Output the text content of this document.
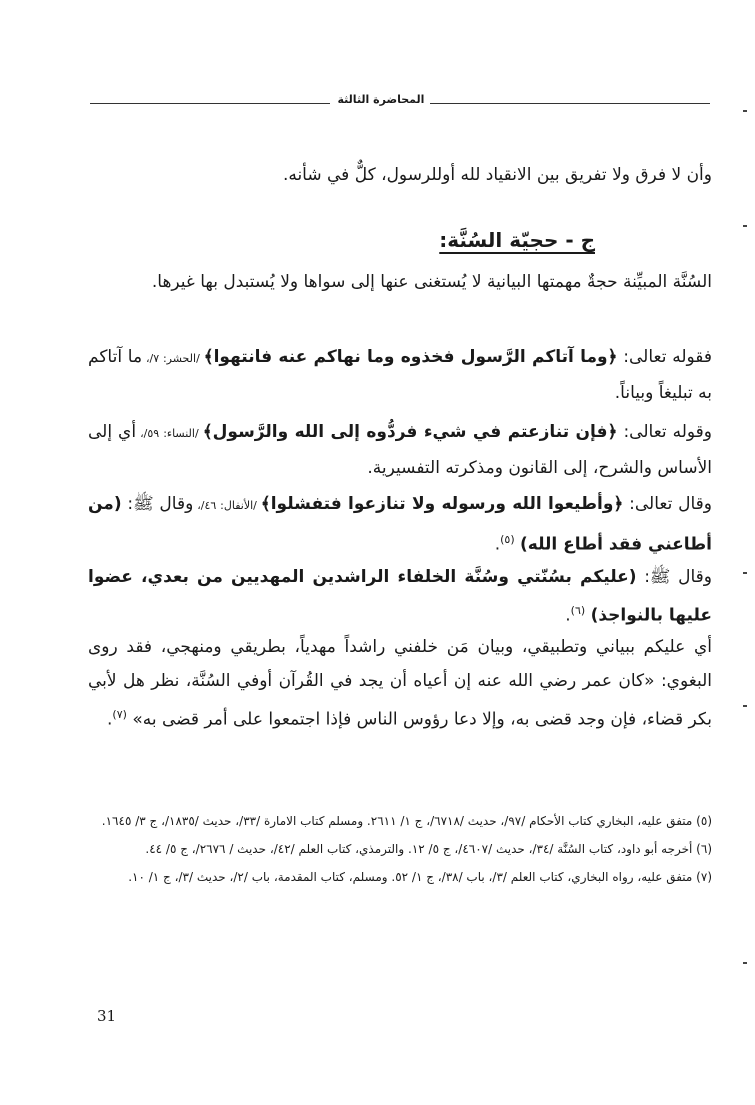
المحاضرة الثالثة

وأن لا فرق ولا تفريق بين الانقياد لله أوللرسول، كلٌّ في شأنه.

ج - حجيّة السُنَّة:

السُنَّة المبيِّنة حجةٌ مهمتها البيانية لا يُستغنى عنها إلى سواها ولا يُستبدل بها غيرها.

فقوله تعالى: ﴿وما آتاكم الرَّسول فخذوه وما نهاكم عنه فانتهوا﴾ /الحشر: ٧/، ما آتاكم به تبليغاً وبياناً.

وقوله تعالى: ﴿فإن تنازعتم في شيء فردُّوه إلى الله والرَّسول﴾ /النساء: ٥٩/، أي إلى الأساس والشرح، إلى القانون ومذكرته التفسيرية.

وقال تعالى: ﴿وأطيعوا الله ورسوله ولا تنازعوا فتفشلوا﴾ /الأنفال: ٤٦/، وقال ﷺ: (من أطاعني فقد أطاع الله) $^{(٥)}$.

وقال ﷺ: (عليكم بسُنّتي وسُنَّة الخلفاء الراشدين المهديين من بعدي، عضوا عليها بالنواجذ) $^{(٦)}$.

أي عليكم ببياني وتطبيقي، وبيان مَن خلفني راشداً مهدياً، بطريقي ومنهجي، فقد روى البغوي: «كان عمر رضي الله عنه إن أعياه أن يجد في القُرآن أوفي السُنَّة، نظر هل لأبي بكر قضاء، فإن وجد قضى به، وإلا دعا رؤوس الناس فإذا اجتمعوا على أمر قضى به» $^{(٧)}$.

(٥) متفق عليه، البخاري كتاب الأحكام /٩٧/، حديث /٦٧١٨/، ج ١/ ٢٦١١. ومسلم كتاب الامارة /٣٣/، حديث /١٨٣٥/، ج ٣/ ١٦٤٥.

(٦) أخرجه أبو داود، كتاب السُنَّة /٣٤/، حديث /٤٦٠٧/، ج ٥/ ١٢. والترمذي، كتاب العلم /٤٢/، حديث / ٢٦٧٦/، ج ٥/ ٤٤.

(٧) متفق عليه، رواه البخاري، كتاب العلم /٣/، باب /٣٨/، ج ١/ ٥٢. ومسلم، كتاب المقدمة، باب /٢/، حديث /٣/، ج ١/ ١٠.

31
